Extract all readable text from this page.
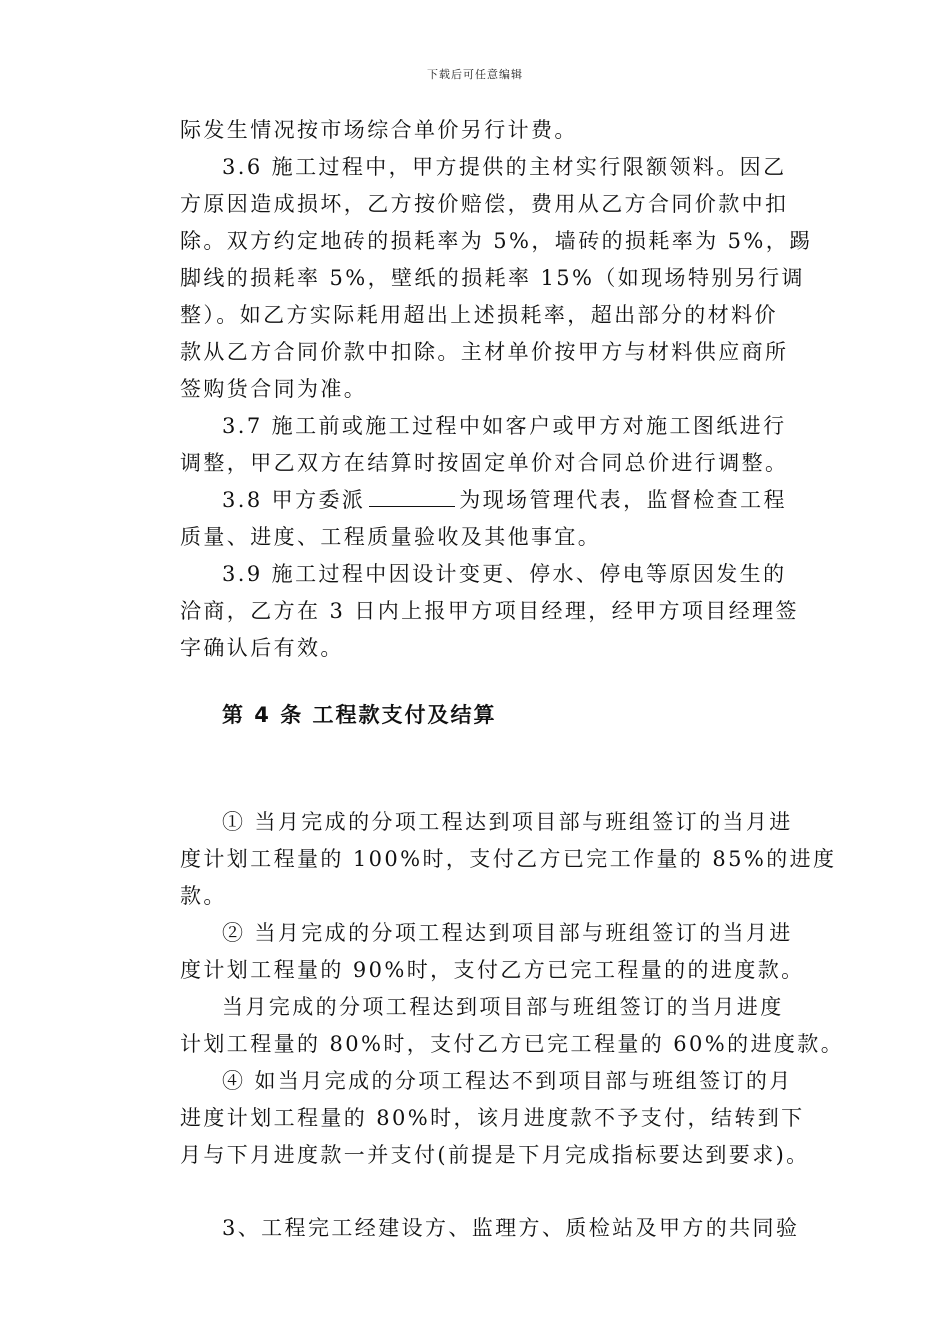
下载后可任意编辑
际发生情况按市场综合单价另行计费。
3.6 施工过程中，甲方提供的主材实行限额领料。因乙
方原因造成损坏，乙方按价赔偿，费用从乙方合同价款中扣
除。双方约定地砖的损耗率为 5%，墙砖的损耗率为 5%，踢
脚线的损耗率 5%，壁纸的损耗率 15%（如现场特别另行调
整）。如乙方实际耗用超出上述损耗率，超出部分的材料价
款从乙方合同价款中扣除。主材单价按甲方与材料供应商所
签购货合同为准。
3.7 施工前或施工过程中如客户或甲方对施工图纸进行
调整，甲乙双方在结算时按固定单价对合同总价进行调整。
3.8 甲方委派	为现场管理代表，监督检查工程
质量、进度、工程质量验收及其他事宜。
3.9 施工过程中因设计变更、停水、停电等原因发生的
洽商，乙方在 3 日内上报甲方项目经理，经甲方项目经理签
字确认后有效。
第 4 条 工程款支付及结算
① 当月完成的分项工程达到项目部与班组签订的当月进
度计划工程量的 100%时，支付乙方已完工作量的 85%的进度
款。
② 当月完成的分项工程达到项目部与班组签订的当月进
度计划工程量的 90%时，支付乙方已完工程量的的进度款。
当月完成的分项工程达到项目部与班组签订的当月进度
计划工程量的 80%时，支付乙方已完工程量的 60%的进度款。
④ 如当月完成的分项工程达不到项目部与班组签订的月
进度计划工程量的 80%时，该月进度款不予支付，结转到下
月与下月进度款一并支付(前提是下月完成指标要达到要求)。
3、工程完工经建设方、监理方、质检站及甲方的共同验
